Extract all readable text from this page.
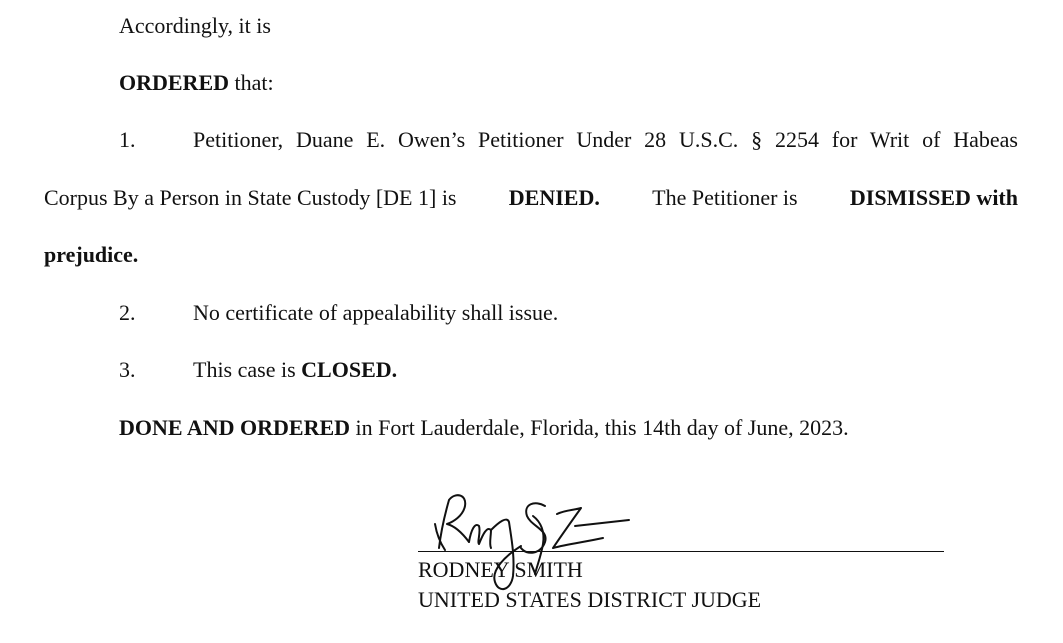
Accordingly, it is
ORDERED that:
1.	Petitioner, Duane E. Owen’s Petitioner Under 28 U.S.C. § 2254 for Writ of Habeas
Corpus By a Person in State Custody [DE 1] is DENIED. The Petitioner is DISMISSED with
prejudice.
2.	No certificate of appealability shall issue.
3.	This case is CLOSED.
DONE AND ORDERED in Fort Lauderdale, Florida, this 14th day of June, 2023.
RODNEY SMITH
UNITED STATES DISTRICT JUDGE
